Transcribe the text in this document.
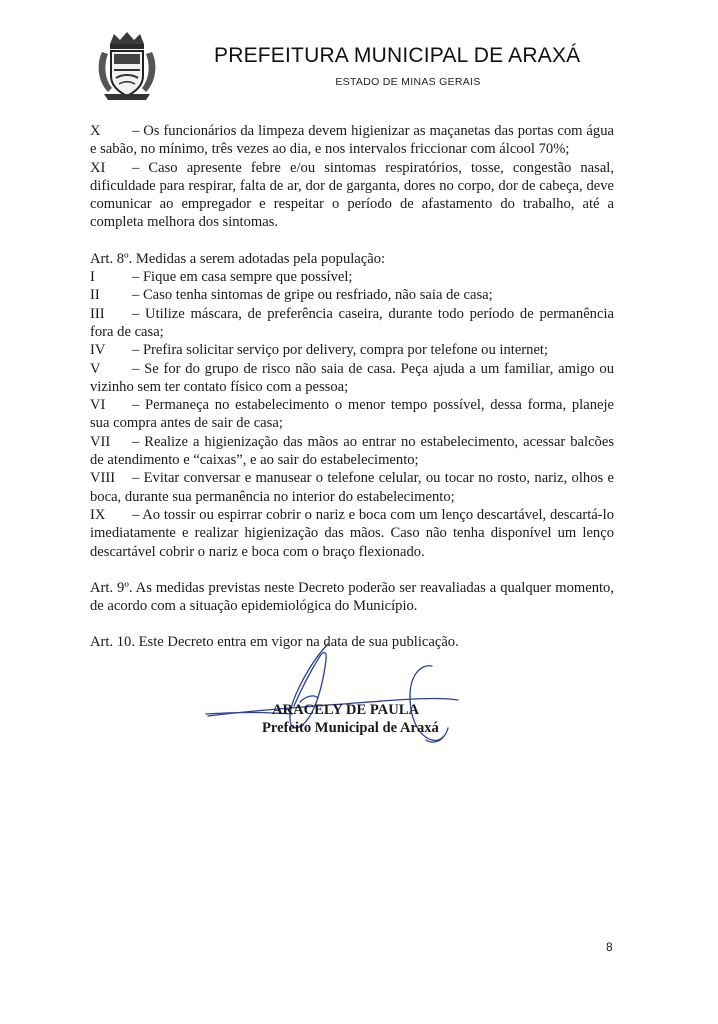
PREFEITURA MUNICIPAL DE ARAXÁ
ESTADO DE MINAS GERAIS
X – Os funcionários da limpeza devem higienizar as maçanetas das portas com água e sabão, no mínimo, três vezes ao dia, e nos intervalos friccionar com álcool 70%;
XI – Caso apresente febre e/ou sintomas respiratórios, tosse, congestão nasal, dificuldade para respirar, falta de ar, dor de garganta, dores no corpo, dor de cabeça, deve comunicar ao empregador e respeitar o período de afastamento do trabalho, até a completa melhora dos sintomas.
Art. 8º. Medidas a serem adotadas pela população:
I	– Fique em casa sempre que possível;
II – Caso tenha sintomas de gripe ou resfriado, não saia de casa;
III – Utilize máscara, de preferência caseira, durante todo período de permanência fora de casa;
IV – Prefira solicitar serviço por delivery, compra por telefone ou internet;
V – Se for do grupo de risco não saia de casa. Peça ajuda a um familiar, amigo ou vizinho sem ter contato físico com a pessoa;
VI – Permaneça no estabelecimento o menor tempo possível, dessa forma, planeje sua compra antes de sair de casa;
VII – Realize a higienização das mãos ao entrar no estabelecimento, acessar balcões de atendimento e “caixas”, e ao sair do estabelecimento;
VIII – Evitar conversar e manusear o telefone celular, ou tocar no rosto, nariz, olhos e boca, durante sua permanência no interior do estabelecimento;
IX – Ao tossir ou espirrar cobrir o nariz e boca com um lenço descartável, descartá-lo imediatamente e realizar higienização das mãos. Caso não tenha disponível um lenço descartável cobrir o nariz e boca com o braço flexionado.
Art. 9º. As medidas previstas neste Decreto poderão ser reavaliadas a qualquer momento, de acordo com a situação epidemiológica do Município.
Art. 10. Este Decreto entra em vigor na data de sua publicação.
ARACELY DE PAULA
Prefeito Municipal de Araxá
8
